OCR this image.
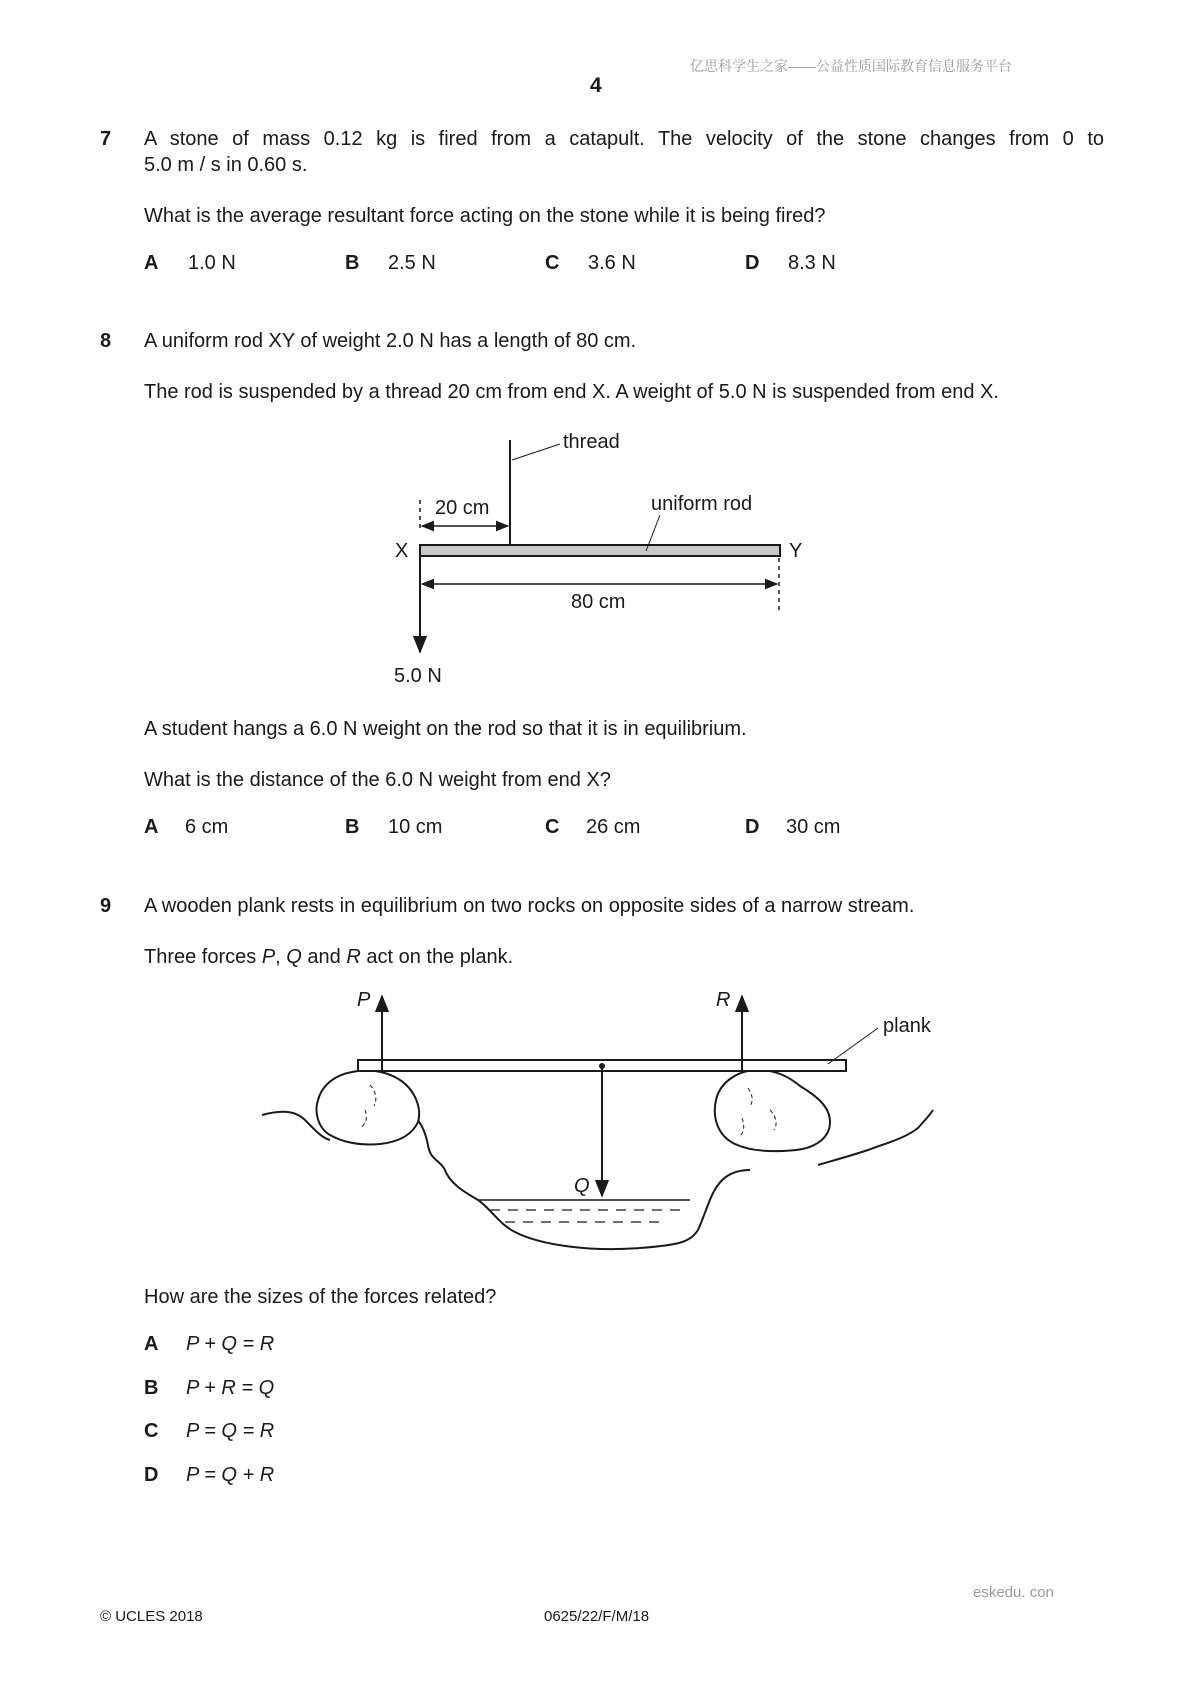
亿思科学生之家——公益性质国际教育信息服务平台
4
7 A stone of mass 0.12 kg is fired from a catapult. The velocity of the stone changes from 0 to
5.0 m / s in 0.60 s.
What is the average resultant force acting on the stone while it is being fired?
A 1.0 N	B 2.5 N	C 3.6 N	D 8.3 N
8 A uniform rod XY of weight 2.0 N has a length of 80 cm.
The rod is suspended by a thread 20 cm from end X. A weight of 5.0 N is suspended from end X.
thread
20 cm	uniform rod
X	Y
80 cm
5.0 N
A student hangs a 6.0 N weight on the rod so that it is in equilibrium.
What is the distance of the 6.0 N weight from end X?
A 6 cm	B 10 cm	C 26 cm	D 30 cm
9 A wooden plank rests in equilibrium on two rocks on opposite sides of a narrow stream.
Three forces P, Q and R act on the plank.
plank
P	R
Q
How are the sizes of the forces related?
A P + Q = R
B P + R = Q
C P = Q = R
D P = Q + R
eskedu. con
© UCLES 2018	0625/22/F/M/18
